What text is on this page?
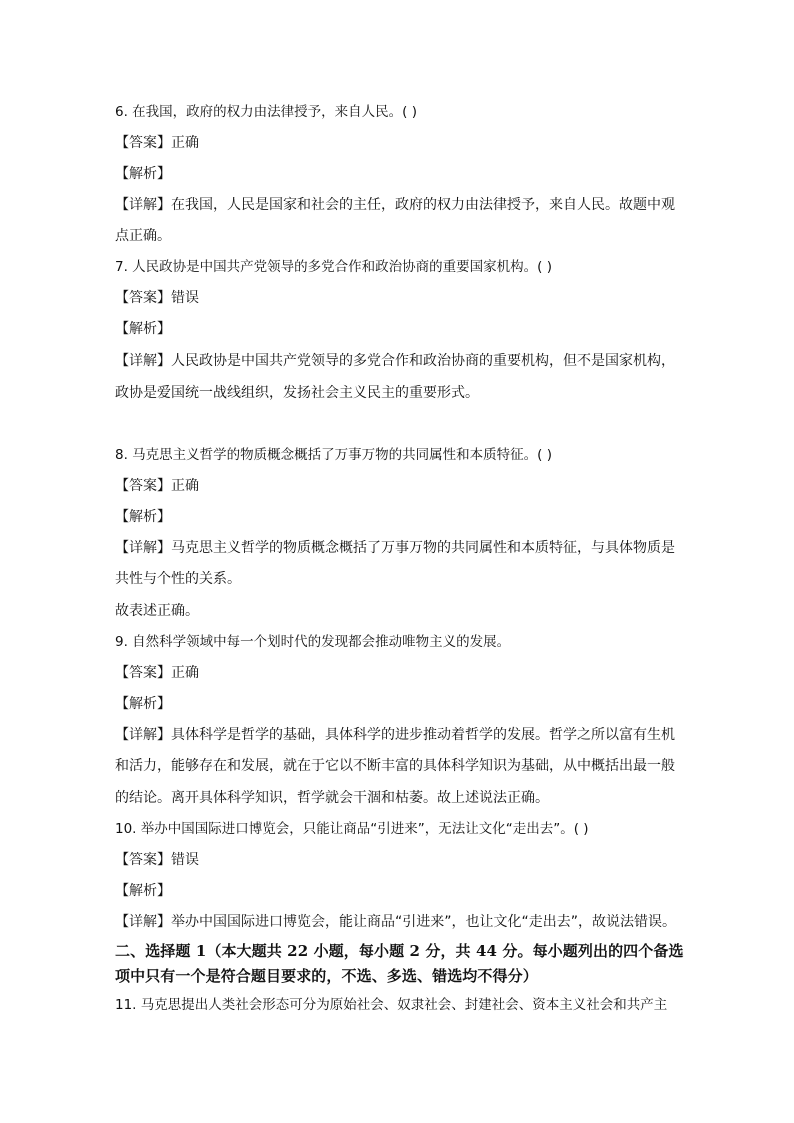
6. 在我国，政府的权力由法律授予，来自人民。( )
【答案】正确
【解析】
【详解】在我国，人民是国家和社会的主任，政府的权力由法律授予，来自人民。故题中观
点正确。
7. 人民政协是中国共产党领导的多党合作和政治协商的重要国家机构。( )
【答案】错误
【解析】
【详解】人民政协是中国共产党领导的多党合作和政治协商的重要机构，但不是国家机构，
政协是爱国统一战线组织，发扬社会主义民主的重要形式。
8. 马克思主义哲学的物质概念概括了万事万物的共同属性和本质特征。( )
【答案】正确
【解析】
【详解】马克思主义哲学的物质概念概括了万事万物的共同属性和本质特征，与具体物质是
共性与个性的关系。
故表述正确。
9. 自然科学领域中每一个划时代的发现都会推动唯物主义的发展。
【答案】正确
【解析】
【详解】具体科学是哲学的基础，具体科学的进步推动着哲学的发展。哲学之所以富有生机
和活力，能够存在和发展，就在于它以不断丰富的具体科学知识为基础，从中概括出最一般
的结论。离开具体科学知识，哲学就会干涸和枯萎。故上述说法正确。
10. 举办中国国际进口博览会，只能让商品“引进来”，无法让文化“走出去”。( )
【答案】错误
【解析】
【详解】举办中国国际进口博览会，能让商品“引进来”，也让文化“走出去”，故说法错误。
二、选择题 1（本大题共 22 小题，每小题 2 分，共 44 分。每小题列出的四个备选
项中只有一个是符合题目要求的，不选、多选、错选均不得分）
11. 马克思提出人类社会形态可分为原始社会、奴隶社会、封建社会、资本主义社会和共产主
